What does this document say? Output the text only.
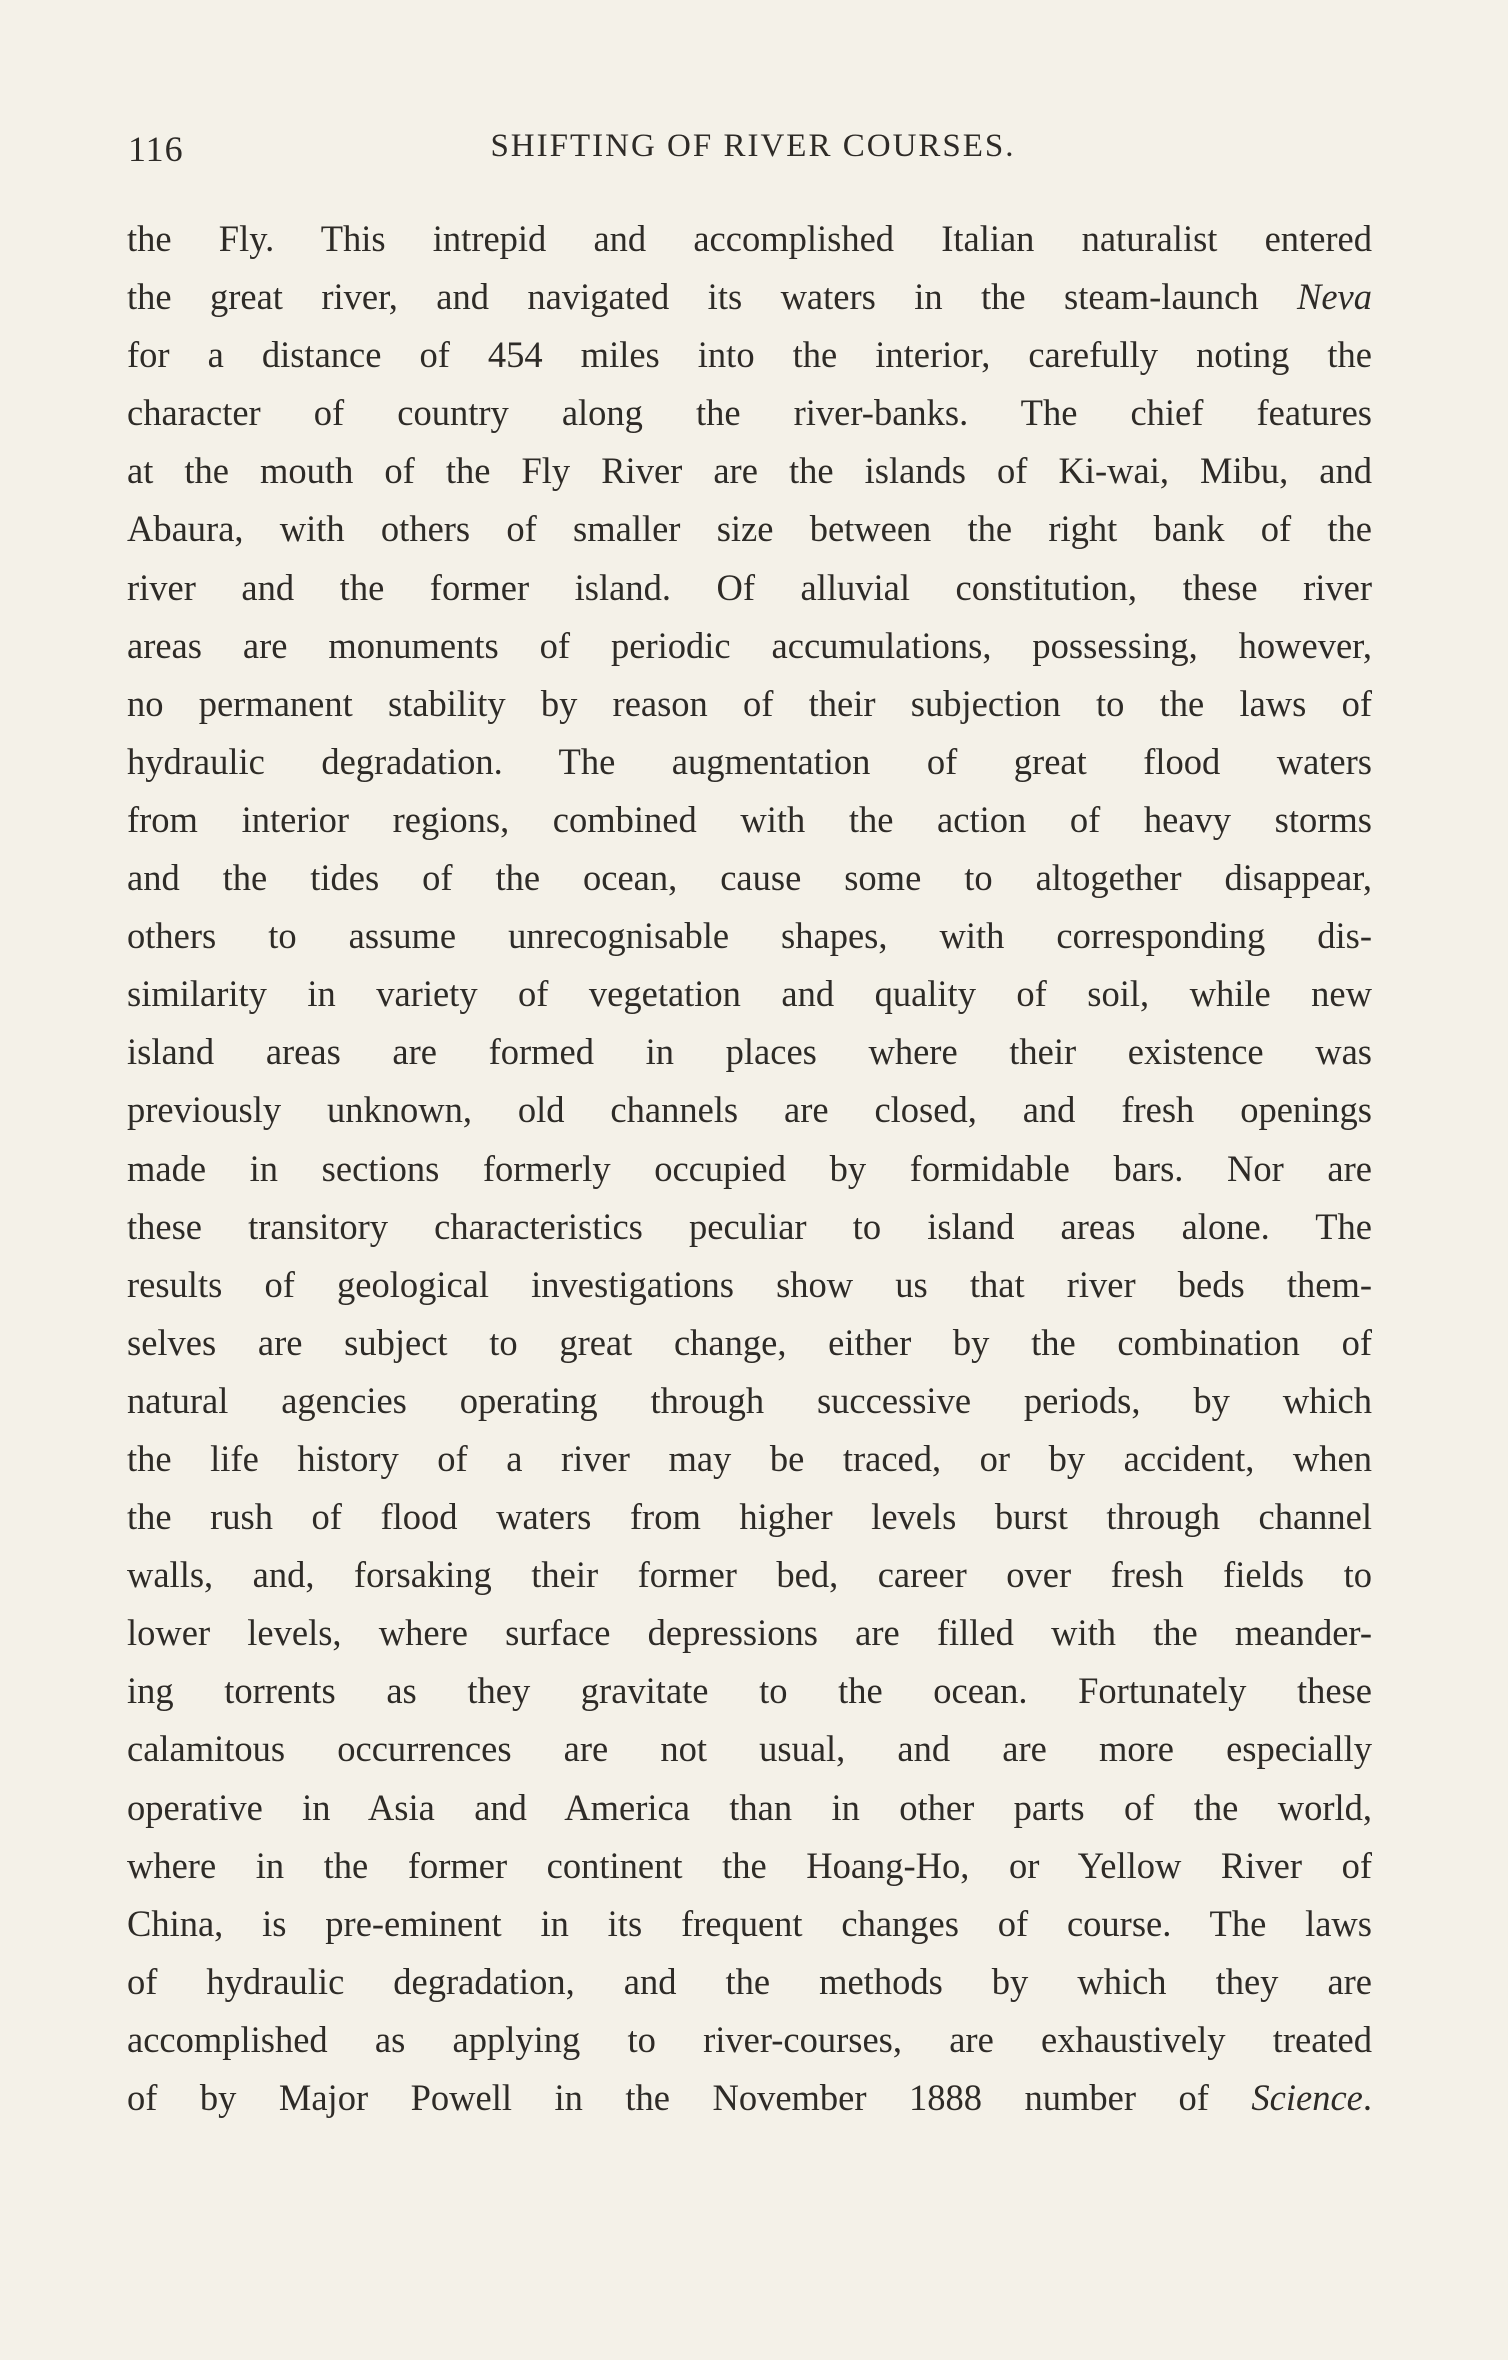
116	SHIFTING OF RIVER COURSES.
the Fly. This intrepid and accomplished Italian naturalist entered
the great river, and navigated its waters in the steam-launch Neva
for a distance of 454 miles into the interior, carefully noting the
character of country along the river-banks. The chief features
at the mouth of the Fly River are the islands of Ki-wai, Mibu, and
Abaura, with others of smaller size between the right bank of the
river and the former island. Of alluvial constitution, these river
areas are monuments of periodic accumulations, possessing, however,
no permanent stability by reason of their subjection to the laws of
hydraulic degradation. The augmentation of great flood waters
from interior regions, combined with the action of heavy storms
and the tides of the ocean, cause some to altogether disappear,
others to assume unrecognisable shapes, with corresponding dis-
similarity in variety of vegetation and quality of soil, while new
island areas are formed in places where their existence was
previously unknown, old channels are closed, and fresh openings
made in sections formerly occupied by formidable bars. Nor are
these transitory characteristics peculiar to island areas alone. The
results of geological investigations show us that river beds them-
selves are subject to great change, either by the combination of
natural agencies operating through successive periods, by which
the life history of a river may be traced, or by accident, when
the rush of flood waters from higher levels burst through channel
walls, and, forsaking their former bed, career over fresh fields to
lower levels, where surface depressions are filled with the meander-
ing torrents as they gravitate to the ocean. Fortunately these
calamitous occurrences are not usual, and are more especially
operative in Asia and America than in other parts of the world,
where in the former continent the Hoang-Ho, or Yellow River of
China, is pre-eminent in its frequent changes of course. The laws
of hydraulic degradation, and the methods by which they are
accomplished as applying to river-courses, are exhaustively treated
of by Major Powell in the November 1888 number of Science.
